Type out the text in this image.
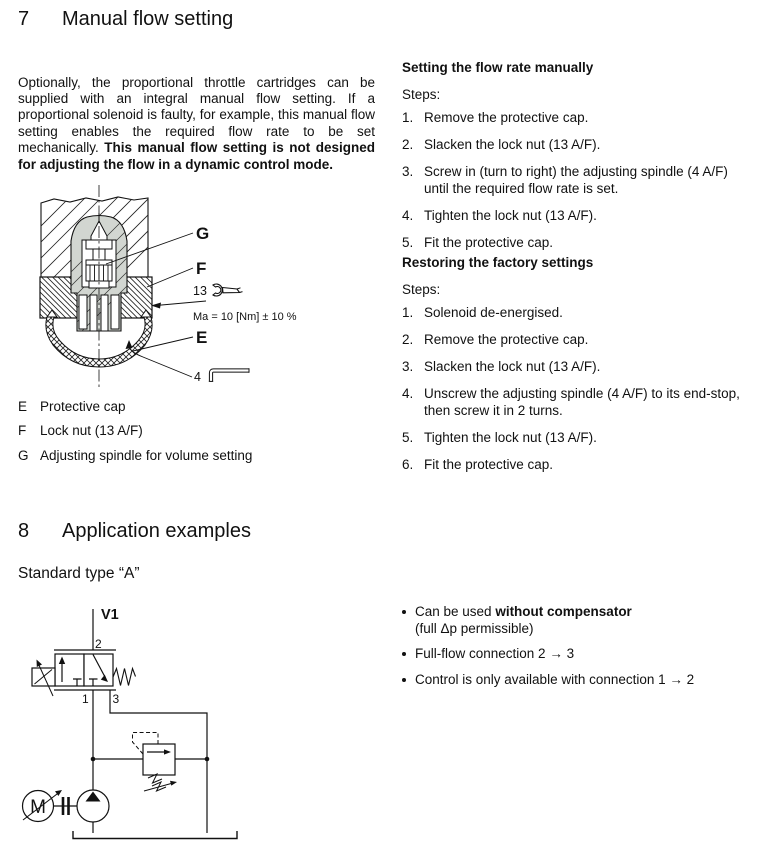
7 Manual flow setting

Optionally, the proportional throttle cartridges can be supplied with an integral manual flow setting. If a proportional solenoid is faulty, for example, this manual flow setting enables the required flow rate to be set mechanically. This manual flow setting is not designed for adjusting the flow in a dynamic control mode.

G
F
13
Ma = 10 [Nm] ± 10 %
E
4
E Protective cap
F	Lock nut (13 A/F)
G Adjusting spindle for volume setting

Setting the flow rate manually

Steps:

1. Remove the protective cap.
2. Slacken the lock nut (13 A/F).
3. Screw in (turn to right) the adjusting spindle (4 A/F) until the required flow rate is set.
4. Tighten the lock nut (13 A/F).
5. Fit the protective cap.

Restoring the factory settings

Steps:

1. Solenoid de-energised.
2. Remove the protective cap.
3. Slacken the lock nut (13 A/F).
4. Unscrew the adjusting spindle (4 A/F) to its end-stop, then screw it in 2 turns.
5. Tighten the lock nut (13 A/F).
6. Fit the protective cap.
8 Application examples
Standard type “A”
M
V1
2
1 3
Can be used without compensator
(full Δp permissible)
Full-flow connection 2 → 3
Control is only available with connection 1 → 2
